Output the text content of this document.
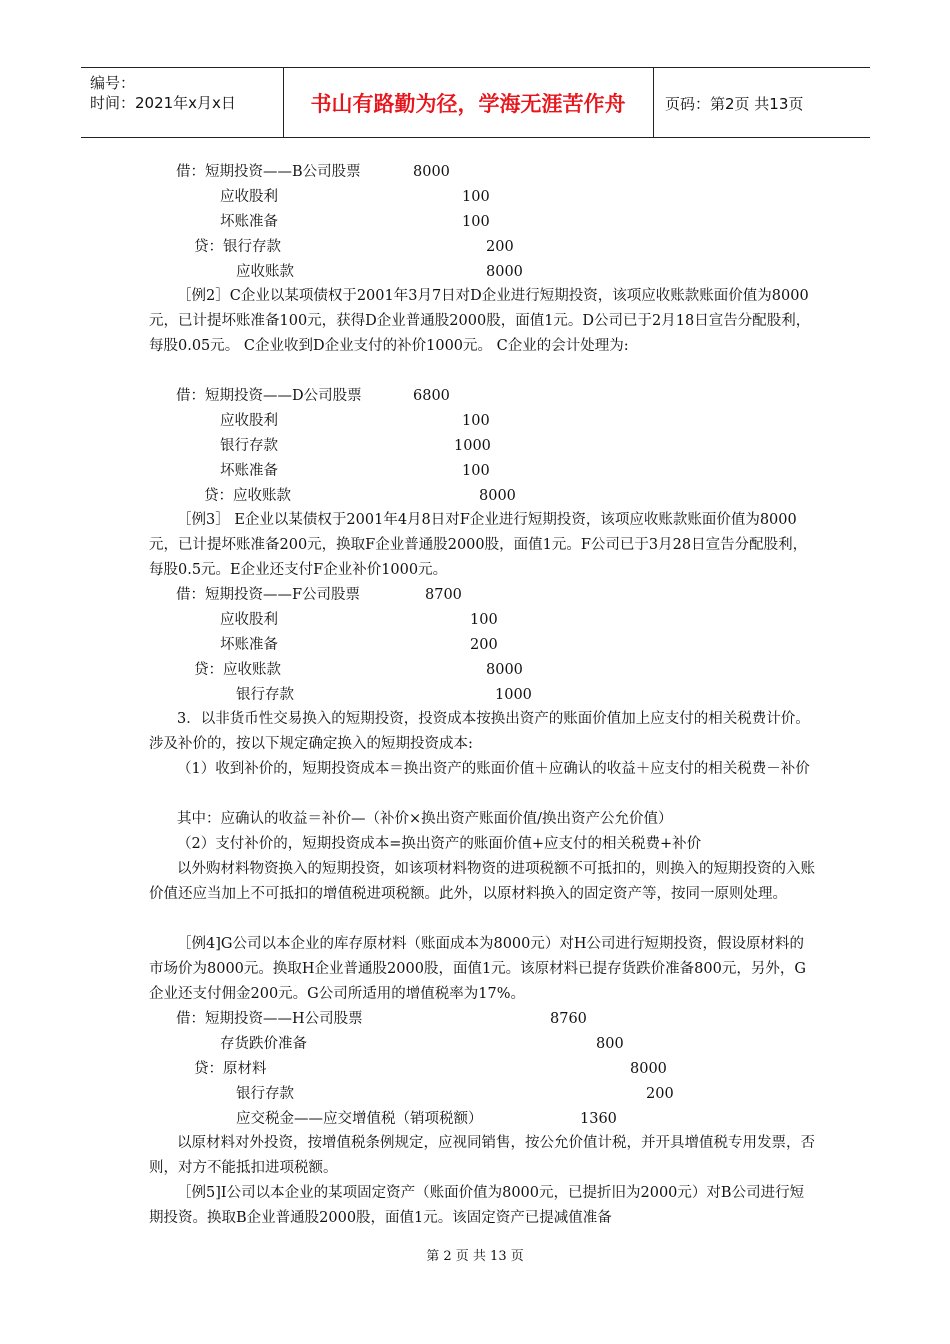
编号：
时间：2021年x月x日	书山有路勤为径，学海无涯苦作舟	页码：第2页 共13页
借：短期投资——B公司股票	8000
应收股利	100
坏账准备	100
贷：银行存款	200
应收账款	8000
［例2］C企业以某项债权于2001年3月7日对D企业进行短期投资，该项应收账款账面价值为8000元，已计提坏账准备100元，获得D企业普通股2000股，面值1元。D公司已于2月18日宣告分配股利，每股0.05元。 C企业收到D企业支付的补价1000元。 C企业的会计处理为:
借：短期投资——D公司股票	6800
应收股利	100
银行存款	1000
坏账准备	100
贷：应收账款	8000
［例3］ E企业以某债权于2001年4月8日对F企业进行短期投资，该项应收账款账面价值为8000元，已计提坏账准备200元，换取F企业普通股2000股，面值1元。F公司已于3月28日宣告分配股利，每股0.5元。E企业还支付F企业补价1000元。
借：短期投资——F公司股票	8700
应收股利	100
坏账准备	200
贷：应收账款	8000
银行存款	1000
3．以非货币性交易换入的短期投资，投资成本按换出资产的账面价值加上应支付的相关税费计价。涉及补价的，按以下规定确定换入的短期投资成本:
（1）收到补价的，短期投资成本＝换出资产的账面价值＋应确认的收益＋应支付的相关税费－补价
其中：应确认的收益＝补价—（补价×换出资产账面价值/换出资产公允价值）
（2）支付补价的，短期投资成本=换出资产的账面价值+应支付的相关税费+补价
以外购材料物资换入的短期投资，如该项材料物资的进项税额不可抵扣的，则换入的短期投资的入账价值还应当加上不可抵扣的增值税进项税额。此外，以原材料换入的固定资产等，按同一原则处理。
［例4]G公司以本企业的库存原材料（账面成本为8000元）对H公司进行短期投资，假设原材料的市场价为8000元。换取H企业普通股2000股，面值1元。该原材料已提存货跌价准备800元，另外，G企业还支付佣金200元。G公司所适用的增值税率为17%。
借：短期投资——H公司股票	8760
存货跌价准备	800
贷：原材料	8000
银行存款	200
应交税金——应交增值税（销项税额）	1360
以原材料对外投资，按增值税条例规定，应视同销售，按公允价值计税，并开具增值税专用发票，否则，对方不能抵扣进项税额。
［例5]I公司以本企业的某项固定资产（账面价值为8000元，已提折旧为2000元）对B公司进行短期投资。换取B企业普通股2000股，面值1元。该固定资产已提减值准备
第 2 页 共 13 页
